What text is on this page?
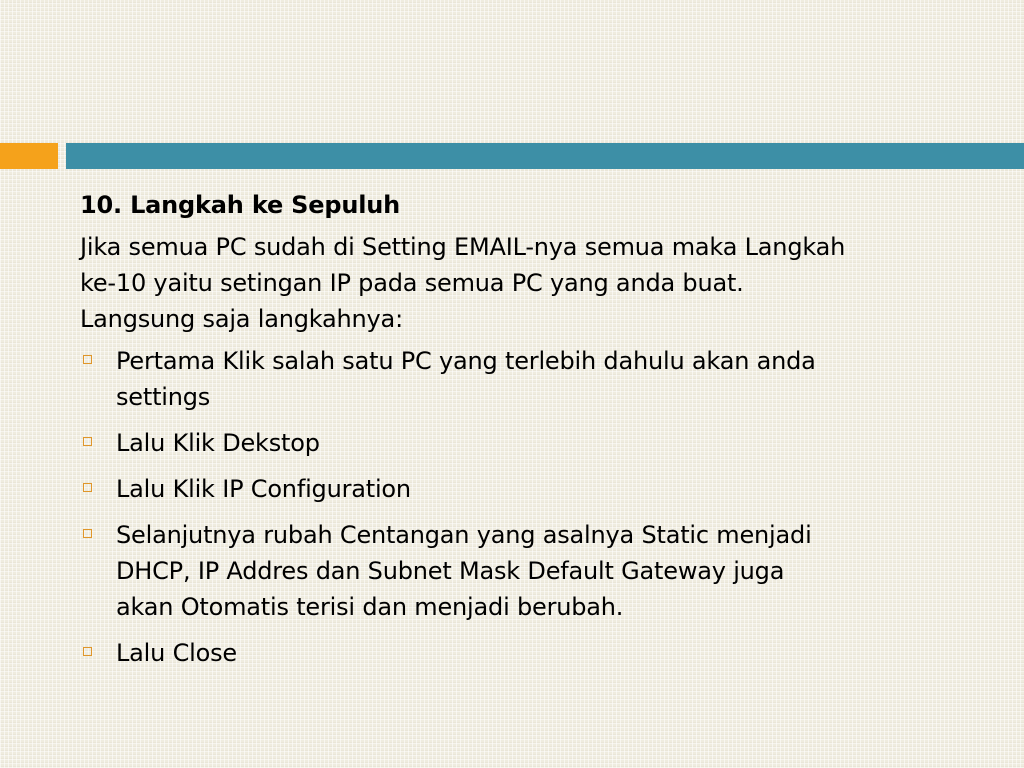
10. Langkah ke Sepuluh
Jika semua PC sudah di Setting EMAIL-nya semua maka Langkah
ke-10 yaitu setingan IP pada semua PC yang anda buat.
Langsung saja langkahnya:
Pertama Klik salah satu PC yang terlebih dahulu akan anda
settings
Lalu Klik Dekstop
Lalu Klik IP Configuration
Selanjutnya rubah Centangan yang asalnya Static menjadi
DHCP, IP Addres dan Subnet Mask Default Gateway juga
akan Otomatis terisi dan menjadi berubah.
Lalu Close
